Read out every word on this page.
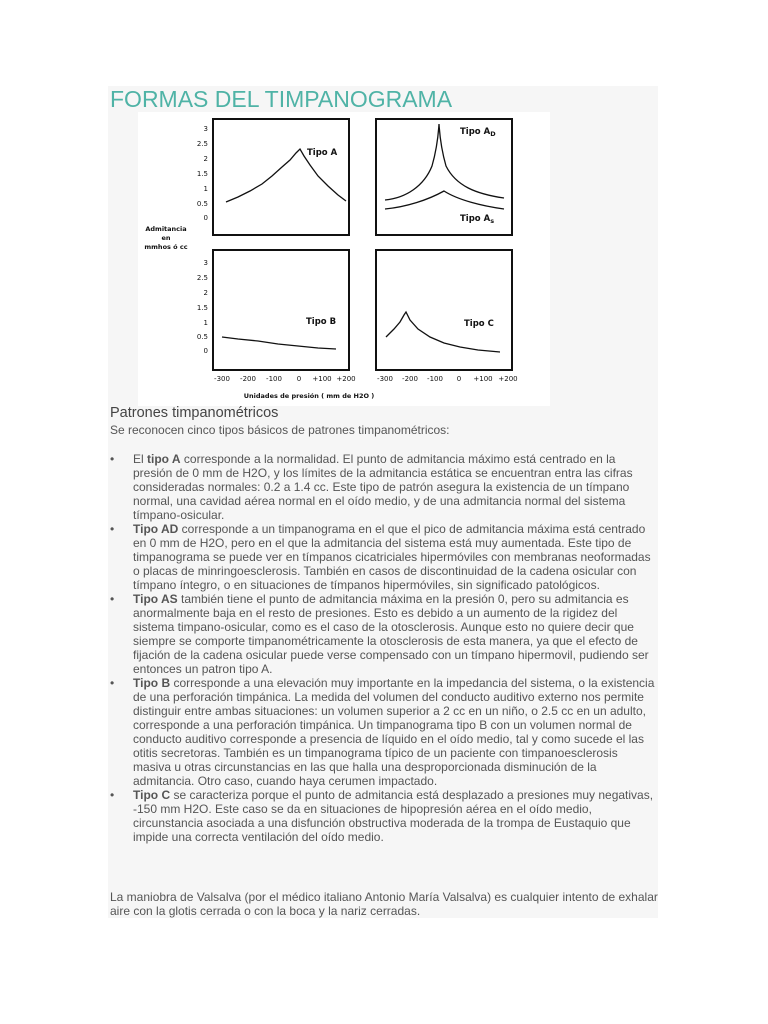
FORMAS DEL TIMPANOGRAMA
3
2.5
2
1.5
1
0.5
0
3
2.5
2
1.5
1
0.5
0
Admitancia
en
mmhos ó cc
Tipo A
Tipo $A_D$
Tipo $A_s$
Tipo B	Tipo C
-300 -200 -100 0 +100 +200	-300 -200 -100 0 +100 +200
Unidades de presión ( mm de H2O )
Patrones timpanométricos

Se reconocen cinco tipos básicos de patrones timpanométricos:

• El tipo A corresponde a la normalidad. El punto de admitancia máximo está centrado en la presión de 0 mm de H2O, y los límites de la admitancia estática se encuentran entra las cifras consideradas normales: 0.2 a 1.4 cc. Este tipo de patrón asegura la existencia de un tímpano normal, una cavidad aérea normal en el oído medio, y de una admitancia normal del sistema tímpano-osicular.
• Tipo AD corresponde a un timpanograma en el que el pico de admitancia máxima está centrado en 0 mm de H2O, pero en el que la admitancia del sistema está muy aumentada. Este tipo de timpanograma se puede ver en tímpanos cicatriciales hipermóviles con membranas neoformadas o placas de minringoesclerosis. También en casos de discontinuidad de la cadena osicular con tímpano íntegro, o en situaciones de tímpanos hipermóviles, sin significado patológicos.
• Tipo AS también tiene el punto de admitancia máxima en la presión 0, pero su admitancia es anormalmente baja en el resto de presiones. Esto es debido a un aumento de la rigidez del sistema timpano-osicular, como es el caso de la otosclerosis. Aunque esto no quiere decir que siempre se comporte timpanométricamente la otosclerosis de esta manera, ya que el efecto de fijación de la cadena osicular puede verse compensado con un tímpano hipermovil, pudiendo ser entonces un patron tipo A.
• Tipo B corresponde a una elevación muy importante en la impedancia del sistema, o la existencia de una perforación timpánica. La medida del volumen del conducto auditivo externo nos permite distinguir entre ambas situaciones: un volumen superior a 2 cc en un niño, o 2.5 cc en un adulto, corresponde a una perforación timpánica. Un timpanograma tipo B con un volumen normal de conducto auditivo corresponde a presencia de líquido en el oído medio, tal y como sucede el las otitis secretoras. También es un timpanograma típico de un paciente con timpanoesclerosis masiva u otras circunstancias en las que halla una desproporcionada disminución de la admitancia. Otro caso, cuando haya cerumen impactado.
• Tipo C se caracteriza porque el punto de admitancia está desplazado a presiones muy negativas, -150 mm H2O. Este caso se da en situaciones de hipopresión aérea en el oído medio, circunstancia asociada a una disfunción obstructiva moderada de la trompa de Eustaquio que impide una correcta ventilación del oído medio.

La maniobra de Valsalva (por el médico italiano Antonio María Valsalva) es cualquier intento de exhalar aire con la glotis cerrada o con la boca y la nariz cerradas.
